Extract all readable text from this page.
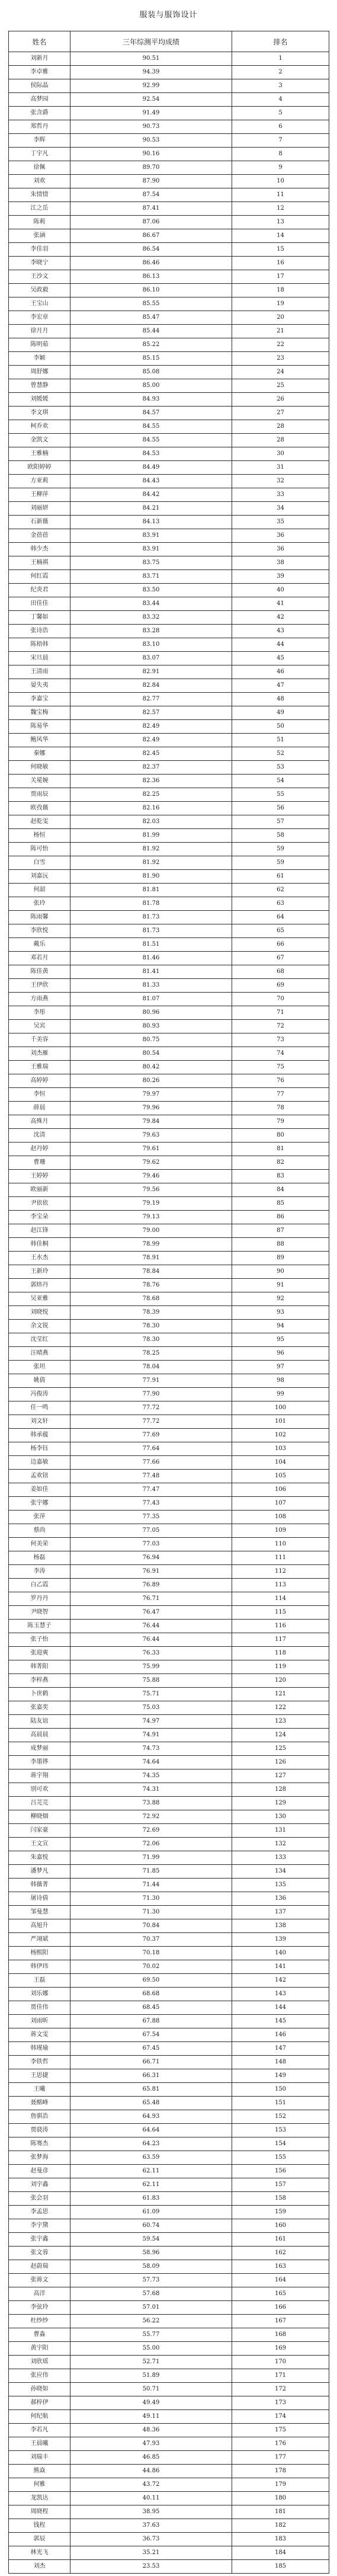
服装与服饰设计
姓名	三年综测平均成绩	排名
刘新月	90.51	1
李卓雅	94.39	2
侯际晶	92.99	3
高梦园	92.54	4
张含爵	91.49	5
郑哲丹	90.73	6
李辉	90.53	7
丁宇凡	90.16	8
徐佩	89.70	9
刘欢	87.90	10
朱情情	87.54	11
江之岳	87.41	12
陈莉	87.06	13
张涵	86.67	14
李佳羽	86.54	15
李晓宁	86.46	16
王沙文	86.13	17
吴政毅	86.10	18
王宝山	85.55	19
李宏章	85.47	20
徐月月	85.44	21
陈明茹	85.22	22
李颖	85.15	23
周舒娜	85.08	24
曾慧静	85.00	25
刘媛媛	84.93	26
李文琪	84.57	27
柯乔欢	84.55	28
金凯文	84.55	28
王雅楠	84.53	30
欧阳婷婷	84.49	31
方亚莉	84.43	32
王柳萍	84.42	33
刘丽妍	84.21	34
石新薇	84.13	35
金蓓蓓	83.91	36
韩少杰	83.91	36
王楠祺	83.75	38
何红霞	83.71	39
纪炎君	83.50	40
田佳佳	83.44	41
丁馨如	83.32	42
张诗浩	83.28	43
陈梧韩	83.10	44
宋旦晨	83.07	45
王清雨	82.91	46
晏失夷	82.84	47
李嘉宝	82.77	48
魏宝梅	82.57	49
陈易华	82.49	50
鲍风华	82.49	51
秦娜	82.45	52
何晓敏	82.37	53
关冕婉	82.36	54
贾雨辰	82.25	55
欧孜薇	82.16	56
赵乾雯	82.03	57
杨恒	81.99	58
陈可怡	81.92	59
白雪	81.92	59
刘嘉沅	81.90	61
何韶	81.81	62
张玲	81.78	63
陈雨馨	81.73	64
李欣悦	81.73	65
戴乐	81.51	66
邓若月	81.46	67
陈佳黄	81.41	68
王伊欣	81.33	69
方雨燕	81.07	70
李彤	80.96	71
吴宾	80.93	72
千美容	80.75	73
刘杰雁	80.54	74
王雅瑞	80.42	75
高婷婷	80.26	76
李恒	79.97	77
薛晨	79.96	78
高殊月	79.84	79
沈清	79.63	80
赵丹婷	79.61	81
曹珊	79.62	82
王婷婷	79.46	83
欧丽新	79.56	84
尹依依	79.19	85
李宝朵	79.13	86
赵江锋	79.00	87
韩佳桐	78.99	88
王水杰	78.91	89
王新玲	78.84	90
郭炜丹	78.76	91
吴亚雅	78.68	92
刘晓悦	78.39	93
余文锐	78.30	94
沈莹红	78.30	95
汪晴燕	78.25	96
张坦	78.04	97
姚倩	77.91	98
冯俊涛	77.90	99
任一鸣	77.72	100
刘文轩	77.72	101
韩承蕴	77.69	102
杨李钰	77.64	103
边嘉敏	77.66	104
孟欢钮	77.48	105
姜如佳	77.47	106
张宇娜	77.43	107
张萍	77.35	108
蔡尚	77.05	109
何美荣	77.03	110
杨磊	76.94	111
李涛	76.91	112
白乙霞	76.89	113
罗丹丹	76.71	114
尹晓智	76.47	115
陈玉慧子	76.44	116
张子怡	76.44	117
张迎爽	76.33	118
韩菁阳	75.99	119
李梓燕	75.88	120
卜世鹤	75.71	121
张嘉奕	75.03	122
陆友谊	74.97	123
高晨晨	74.91	124
成梦丽	74.73	125
李墨铧	74.64	126
蒋宇翔	74.35	127
别可欢	74.31	128
吕芫芫	73.88	129
柳晓烟	72.92	130
闫家豪	72.69	131
王文宣	72.06	132
朱嘉悦	71.99	133
潘梦凡	71.85	134
韩薇菁	71.44	135
屠诗倩	71.30	136
邹曼慧	71.30	137
高旭升	70.84	138
严翊斌	70.37	139
杨熙阳	70.18	140
韩伊玮	70.02	141
王磊	69.50	142
刘乐娜	68.68	143
贾佳伟	68.45	144
刘雨昕	67.88	145
蒋文雯	67.54	146
韩瑾瑜	67.45	147
李铁哲	66.71	148
王思捷	66.31	149
王曦	65.81	150
聂酩峰	65.48	151
詹骐浩	64.93	152
贾骁涛	64.64	153
陈骞杰	64.23	154
张梦海	63.59	155
赵曼彦	62.11	156
刘宇鑫	62.11	157
张会羽	61.83	158
李孟思	61.09	159
李宇黛	60.74	160
张宇鑫	59.54	161
张文蓉	58.96	162
赵蔚瑞	58.09	163
张蒋文	57.73	164
高洋	57.68	165
李弦玲	57.01	166
杜纱纱	56.22	167
曹淼	55.77	168
黄宇阳	55.00	169
刘欣瑶	52.71	170
张应伟	51.89	171
孙晓如	50.71	172
郝梓伊	49.49	173
何纪航	49.11	174
李若凡	48.36	175
王晨曦	47.93	176
刘瑞丰	46.85	177
熊焱	44.86	178
何雅	43.72	179
龙凯达	40.11	180
周晓程	38.95	181
钱程	37.63	182
郭辰	36.73	183
林光飞	35.21	184
刘杰	23.53	185
